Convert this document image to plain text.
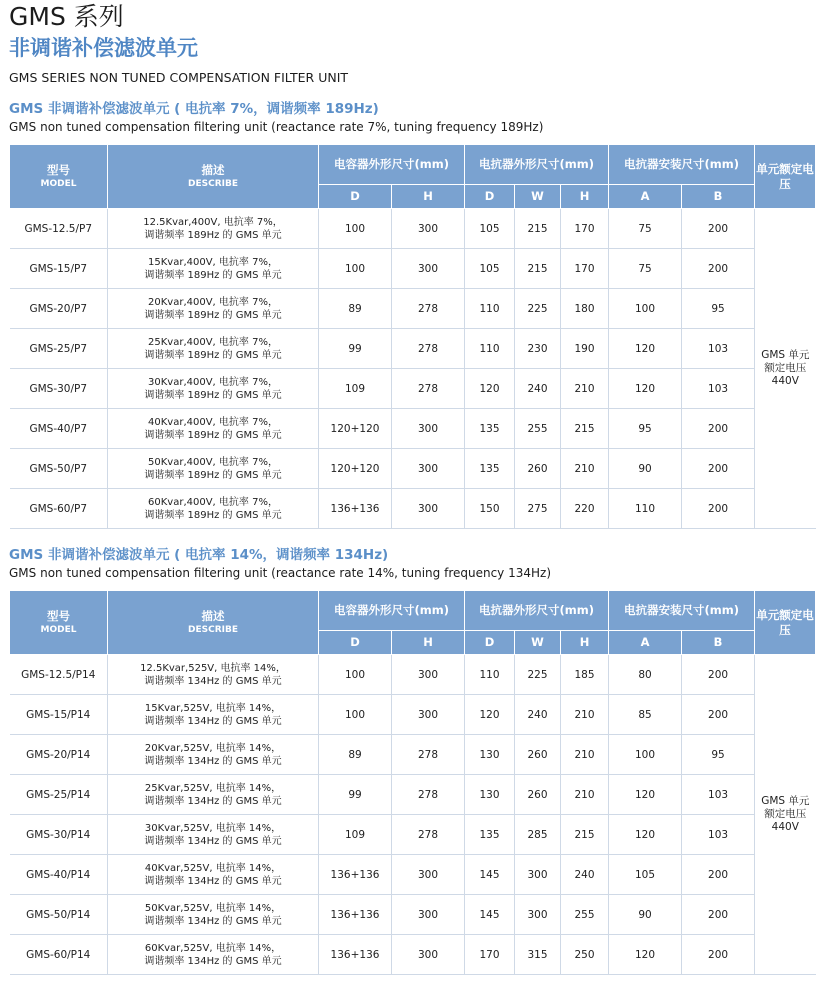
GMS 系列
非调谐补偿滤波单元
GMS SERIES NON TUNED COMPENSATION FILTER UNIT
GMS 非调谐补偿滤波单元 ( 电抗率 7%，调谐频率 189Hz)
GMS non tuned compensation filtering unit (reactance rate 7%, tuning frequency 189Hz)
型号
MODEL	描述
DESCRIBE	电容器外形尺寸(mm)		电抗器外形尺寸(mm)			电抗器安装尺寸(mm)		单元额定电压
		D	H	D	W	H	A	B	
GMS-12.5/P7	12.5Kvar,400V, 电抗率 7%，
调谐频率 189Hz 的 GMS 单元	100	300	105	215	170	75	200	GMS 单元额定电压 440V
GMS-15/P7	15Kvar,400V, 电抗率 7%，
调谐频率 189Hz 的 GMS 单元	100	300	105	215	170	75	200	
GMS-20/P7	20Kvar,400V, 电抗率 7%，
调谐频率 189Hz 的 GMS 单元	89	278	110	225	180	100	95	
GMS-25/P7	25Kvar,400V, 电抗率 7%，
调谐频率 189Hz 的 GMS 单元	99	278	110	230	190	120	103	
GMS-30/P7	30Kvar,400V, 电抗率 7%，
调谐频率 189Hz 的 GMS 单元	109	278	120	240	210	120	103	
GMS-40/P7	40Kvar,400V, 电抗率 7%，
调谐频率 189Hz 的 GMS 单元	120+120	300	135	255	215	95	200	
GMS-50/P7	50Kvar,400V, 电抗率 7%，
调谐频率 189Hz 的 GMS 单元	120+120	300	135	260	210	90	200	
GMS-60/P7	60Kvar,400V, 电抗率 7%，
调谐频率 189Hz 的 GMS 单元	136+136	300	150	275	220	110	200	
GMS 非调谐补偿滤波单元 ( 电抗率 14%，调谐频率 134Hz)
GMS non tuned compensation filtering unit (reactance rate 14%, tuning frequency 134Hz)
型号
MODEL	描述
DESCRIBE	电容器外形尺寸(mm)		电抗器外形尺寸(mm)			电抗器安装尺寸(mm)		单元额定电压
		D	H	D	W	H	A	B	
GMS-12.5/P14	12.5Kvar,525V, 电抗率 14%，
调谐频率 134Hz 的 GMS 单元	100	300	110	225	185	80	200	GMS 单元额定电压 440V
GMS-15/P14	15Kvar,525V, 电抗率 14%，
调谐频率 134Hz 的 GMS 单元	100	300	120	240	210	85	200	
GMS-20/P14	20Kvar,525V, 电抗率 14%，
调谐频率 134Hz 的 GMS 单元	89	278	130	260	210	100	95	
GMS-25/P14	25Kvar,525V, 电抗率 14%，
调谐频率 134Hz 的 GMS 单元	99	278	130	260	210	120	103	
GMS-30/P14	30Kvar,525V, 电抗率 14%，
调谐频率 134Hz 的 GMS 单元	109	278	135	285	215	120	103	
GMS-40/P14	40Kvar,525V, 电抗率 14%，
调谐频率 134Hz 的 GMS 单元	136+136	300	145	300	240	105	200	
GMS-50/P14	50Kvar,525V, 电抗率 14%，
调谐频率 134Hz 的 GMS 单元	136+136	300	145	300	255	90	200	
GMS-60/P14	60Kvar,525V, 电抗率 14%，
调谐频率 134Hz 的 GMS 单元	136+136	300	170	315	250	120	200	
